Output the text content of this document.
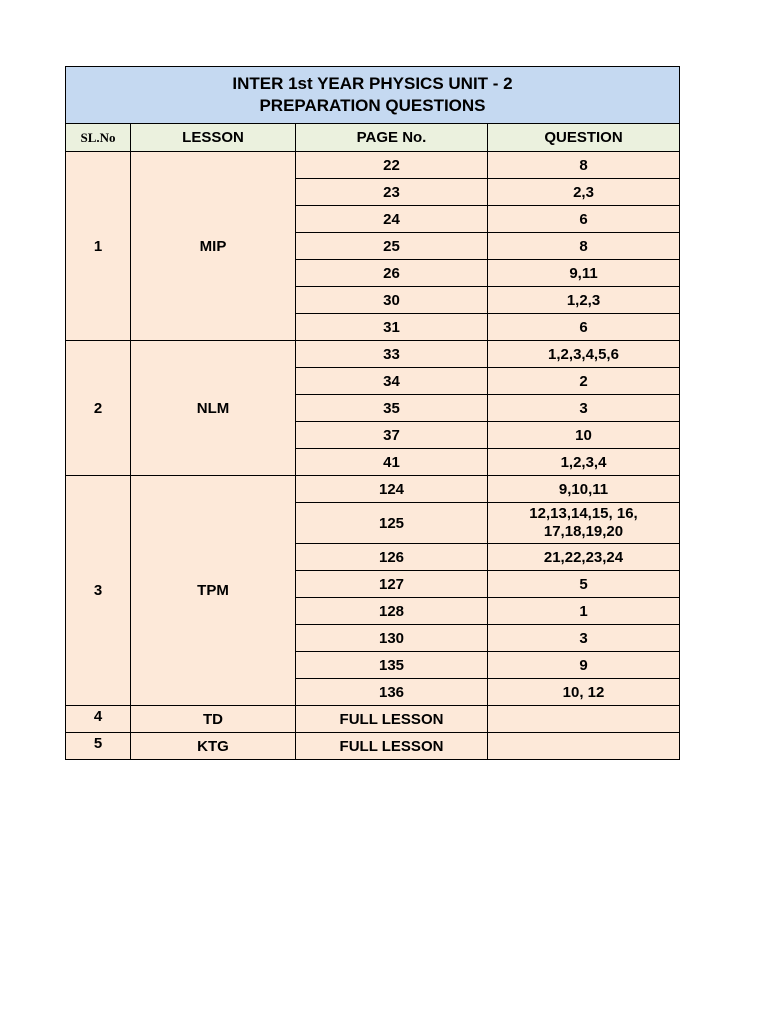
INTER 1st YEAR PHYSICS UNIT - 2
PREPARATION QUESTIONS			

SL.No	LESSON	PAGE No.	QUESTION
1	MIP	22	8
		23	2,3
		24	6
		25	8
		26	9,11
		30	1,2,3
		31	6
2	NLM	33	1,2,3,4,5,6
		34	2
		35	3
		37	10
		41	1,2,3,4
3	TPM	124	9,10,11
		125	12,13,14,15, 16,
17,18,19,20

		126	21,22,23,24
		127	5
		128	1
		130	3
		135	9
		136	10, 12
4	TD	FULL LESSON	
5	KTG	FULL LESSON	
